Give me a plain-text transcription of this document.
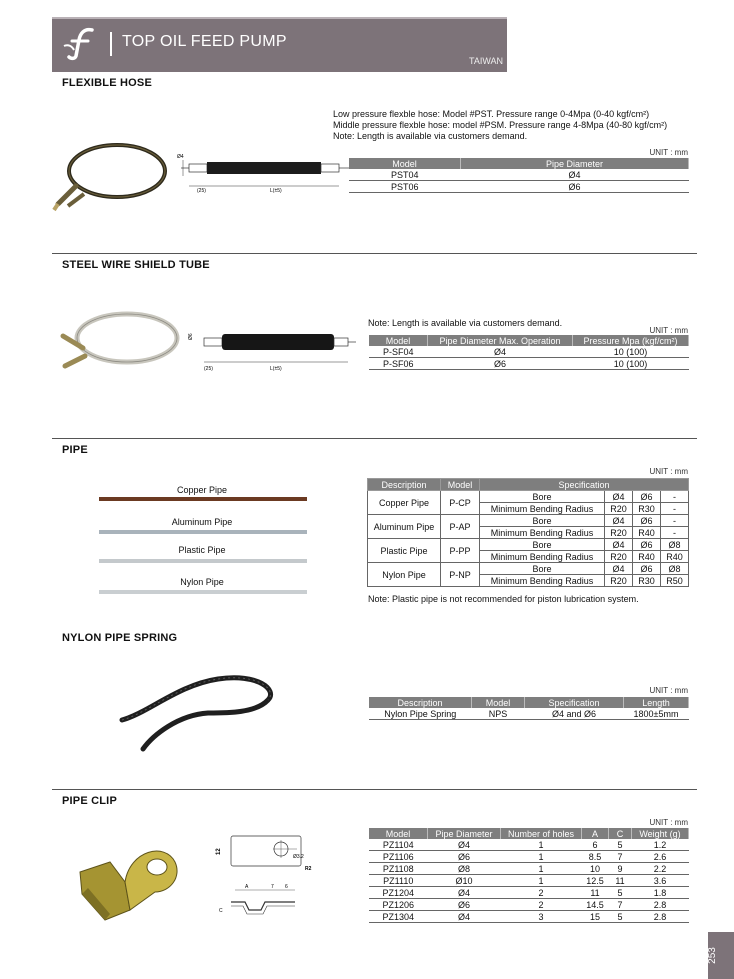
TOP OIL FEED PUMP
TAIWAN
FLEXIBLE HOSE
(25)	L(±5)
Ø4
Low pressure flexble hose: Model #PST. Pressure range 0-4Mpa (0-40 kgf/cm²)
Middle pressure flexble hose: model #PSM. Pressure range 4-8Mpa (40-80 kgf/cm²)
Note: Length is available via customers demand.
UNIT : mm
Model	Pipe Diameter
PST04	Ø4
PST06	Ø6
STEEL WIRE SHIELD TUBE
(25)	L(±5)
Ø6
Note: Length is available via customers demand.
UNIT : mm
Model	Pipe Diameter Max. Operation	Pressure Mpa (kgf/cm²)
P-SF04	Ø4	10 (100)
P-SF06	Ø6	10 (100)
PIPE
Copper Pipe
Aluminum Pipe
Plastic Pipe
Nylon Pipe
UNIT : mm
Description	Model	Specification			
Copper Pipe	P-CP	Bore	Ø4	Ø6	-
		Minimum Bending Radius	R20	R30	-
Aluminum Pipe	P-AP	Bore	Ø4	Ø6	-
		Minimum Bending Radius	R20	R40	-
Plastic Pipe	P-PP	Bore	Ø4	Ø6	Ø8
		Minimum Bending Radius	R20	R40	R40
Nylon Pipe	P-NP	Bore	Ø4	Ø6	Ø8
		Minimum Bending Radius	R20	R30	R50
Note: Plastic pipe is not recommended for piston lubrication system.
NYLON PIPE SPRING
UNIT : mm
Description	Model	Specification	Length
Nylon Pipe Spring	NPS	Ø4 and Ø6	1800±5mm
PIPE CLIP
12
R2
Ø3.2
A	7 6
C
UNIT : mm
Model	Pipe Diameter	Number of holes	A	C	Weight (g)
PZ1104	Ø4	1	6	5	1.2
PZ1106	Ø6	1	8.5	7	2.6
PZ1108	Ø8	1	10	9	2.2
PZ1110	Ø10	1	12.5	11	3.6
PZ1204	Ø4	2	11	5	1.8
PZ1206	Ø6	2	14.5	7	2.8
PZ1304	Ø4	3	15	5	2.8
253
